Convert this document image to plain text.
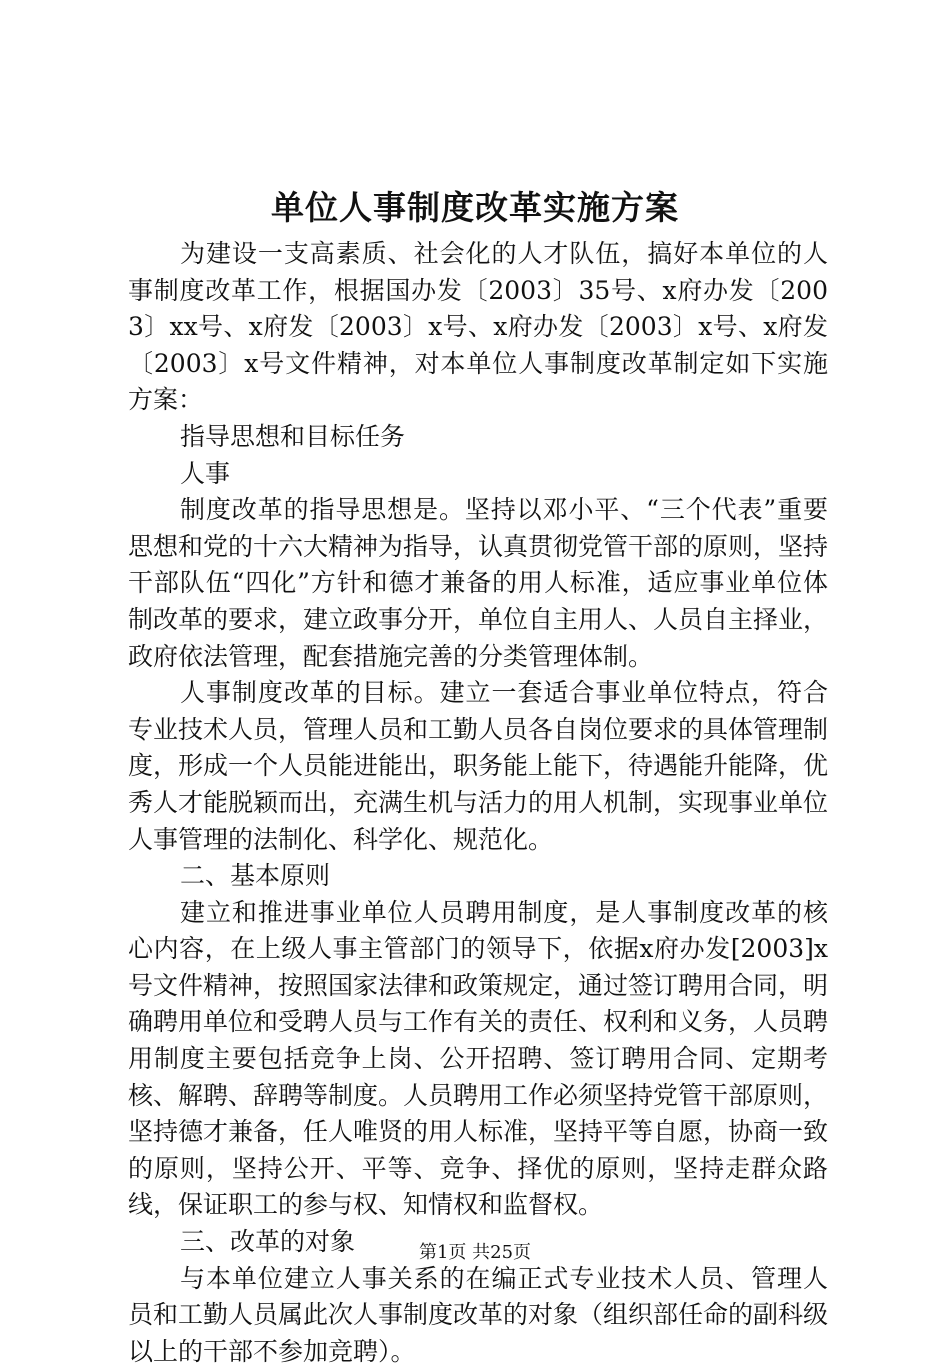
单位人事制度改革实施方案

为建设一支高素质、社会化的人才队伍，搞好本单位的人事制度改革工作，根据国办发〔2003〕35号、x府办发〔2003〕xx号、x府发〔2003〕x号、x府办发〔2003〕x号、x府发〔2003〕x号文件精神，对本单位人事制度改革制定如下实施方案：

指导思想和目标任务

人事

制度改革的指导思想是。坚持以邓小平、“三个代表”重要思想和党的十六大精神为指导，认真贯彻党管干部的原则，坚持干部队伍“四化”方针和德才兼备的用人标准，适应事业单位体制改革的要求，建立政事分开，单位自主用人、人员自主择业，政府依法管理，配套措施完善的分类管理体制。

人事制度改革的目标。建立一套适合事业单位特点，符合专业技术人员，管理人员和工勤人员各自岗位要求的具体管理制度，形成一个人员能进能出，职务能上能下，待遇能升能降，优秀人才能脱颖而出，充满生机与活力的用人机制，实现事业单位人事管理的法制化、科学化、规范化。

二、基本原则

建立和推进事业单位人员聘用制度，是人事制度改革的核心内容，在上级人事主管部门的领导下，依据x府办发[2003]x号文件精神，按照国家法律和政策规定，通过签订聘用合同，明确聘用单位和受聘人员与工作有关的责任、权利和义务，人员聘用制度主要包括竞争上岗、公开招聘、签订聘用合同、定期考核、解聘、辞聘等制度。人员聘用工作必须坚持党管干部原则，坚持德才兼备，任人唯贤的用人标准，坚持平等自愿，协商一致的原则，坚持公开、平等、竞争、择优的原则，坚持走群众路线，保证职工的参与权、知情权和监督权。

三、改革的对象

与本单位建立人事关系的在编正式专业技术人员、管理人员和工勤人员属此次人事制度改革的对象（组织部任命的副科级以上的干部不参加竞聘）。

第1页 共25页
